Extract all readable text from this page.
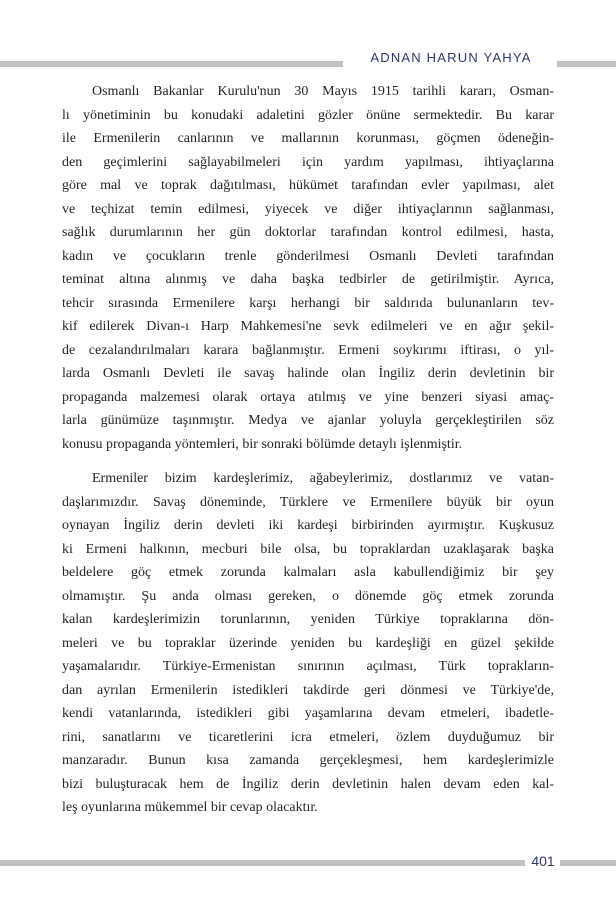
ADNAN HARUN YAHYA
Osmanlı Bakanlar Kurulu'nun 30 Mayıs 1915 tarihli kararı, Osman-
lı yönetiminin bu konudaki adaletini gözler önüne sermektedir. Bu karar
ile Ermenilerin canlarının ve mallarının korunması, göçmen ödeneğin-
den geçimlerini sağlayabilmeleri için yardım yapılması, ihtiyaçlarına
göre mal ve toprak dağıtılması, hükümet tarafından evler yapılması, alet
ve teçhizat temin edilmesi, yiyecek ve diğer ihtiyaçlarının sağlanması,
sağlık durumlarının her gün doktorlar tarafından kontrol edilmesi, hasta,
kadın ve çocukların trenle gönderilmesi Osmanlı Devleti tarafından
teminat altına alınmış ve daha başka tedbirler de getirilmiştir. Ayrıca,
tehcir sırasında Ermenilere karşı herhangi bir saldırıda bulunanların tev-
kif edilerek Divan-ı Harp Mahkemesi'ne sevk edilmeleri ve en ağır şekil-
de cezalandırılmaları karara bağlanmıştır. Ermeni soykırımı iftirası, o yıl-
larda Osmanlı Devleti ile savaş halinde olan İngiliz derin devletinin bir
propaganda malzemesi olarak ortaya atılmış ve yine benzeri siyasi amaç-
larla günümüze taşınmıştır. Medya ve ajanlar yoluyla gerçekleştirilen söz
konusu propaganda yöntemleri, bir sonraki bölümde detaylı işlenmiştir.
Ermeniler bizim kardeşlerimiz, ağabeylerimiz, dostlarımız ve vatan-
daşlarımızdır. Savaş döneminde, Türklere ve Ermenilere büyük bir oyun
oynayan İngiliz derin devleti iki kardeşi birbirinden ayırmıştır. Kuşkusuz
ki Ermeni halkının, mecburi bile olsa, bu topraklardan uzaklaşarak başka
beldelere göç etmek zorunda kalmaları asla kabullendiğimiz bir şey
olmamıştır. Şu anda olması gereken, o dönemde göç etmek zorunda
kalan kardeşlerimizin torunlarının, yeniden Türkiye topraklarına dön-
meleri ve bu topraklar üzerinde yeniden bu kardeşliği en güzel şekilde
yaşamalarıdır. Türkiye-Ermenistan sınırının açılması, Türk toprakların-
dan ayrılan Ermenilerin istedikleri takdirde geri dönmesi ve Türkiye'de,
kendi vatanlarında, istedikleri gibi yaşamlarına devam etmeleri, ibadetle-
rini, sanatlarını ve ticaretlerini icra etmeleri, özlem duyduğumuz bir
manzaradır. Bunun kısa zamanda gerçekleşmesi, hem kardeşlerimizle
bizi buluşturacak hem de İngiliz derin devletinin halen devam eden kal-
leş oyunlarına mükemmel bir cevap olacaktır.
401
